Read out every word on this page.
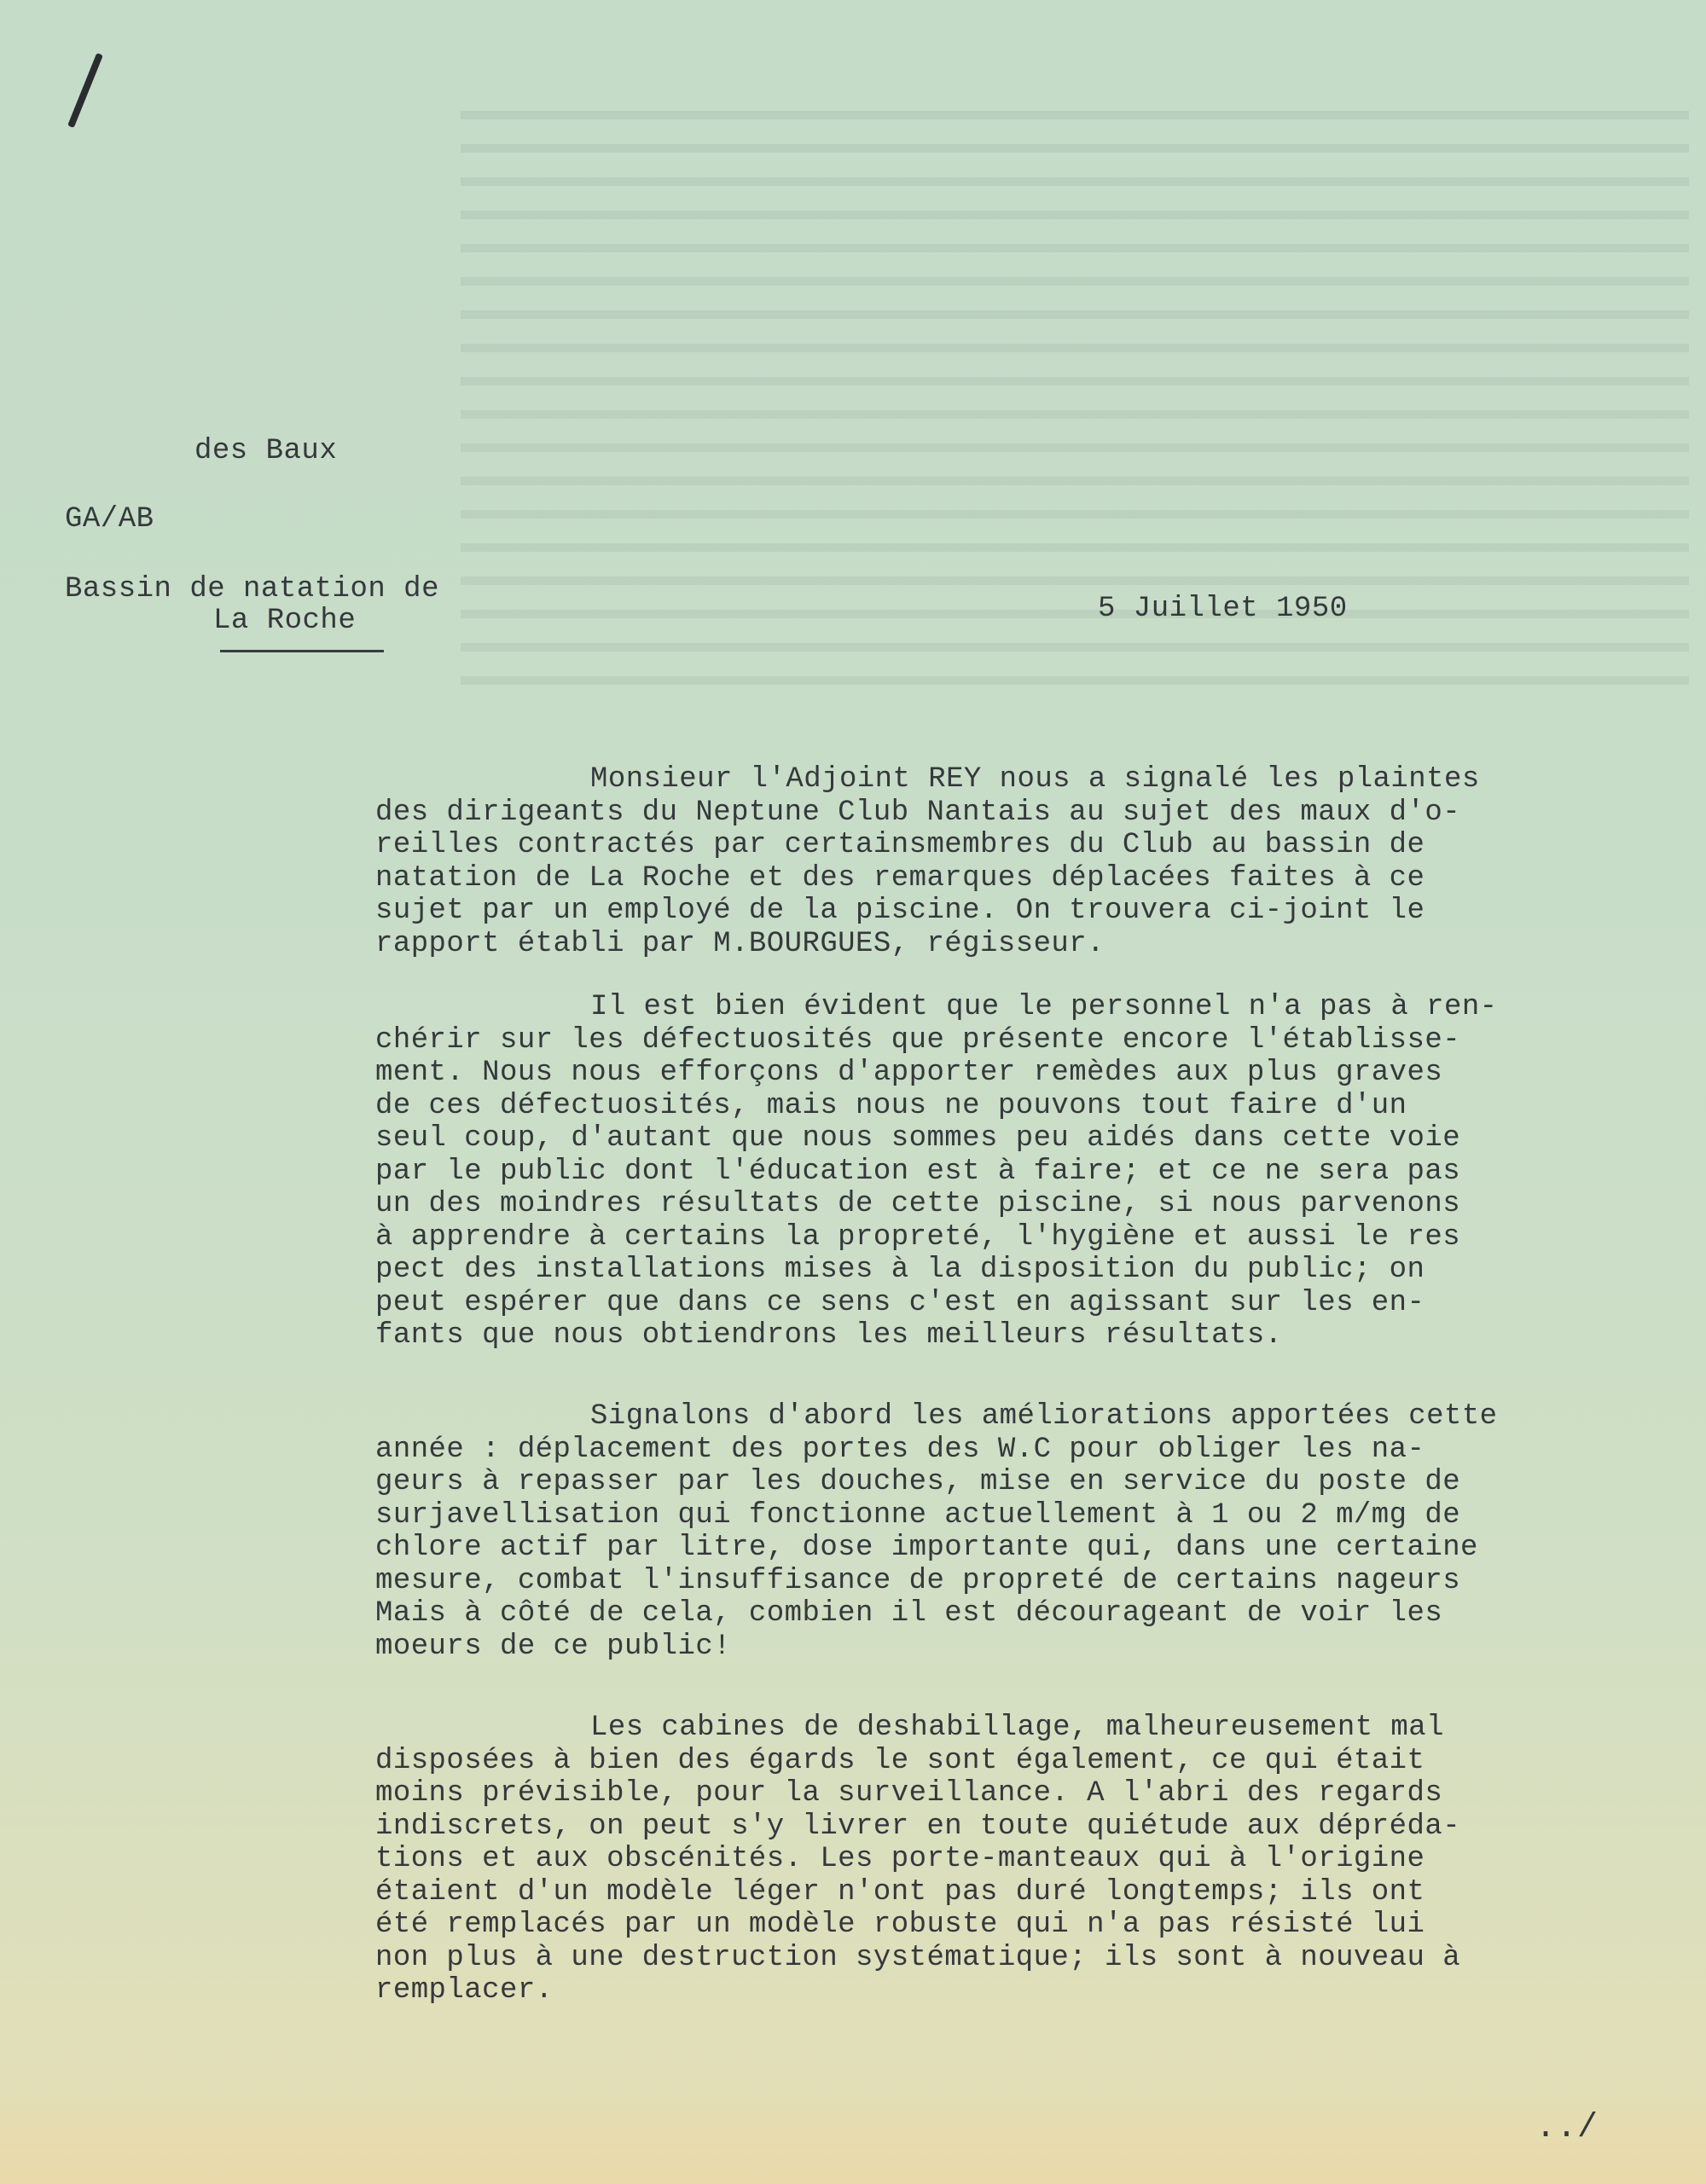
des Baux
GA/AB
Bassin de natation de
La Roche	5 Juillet 1950
Monsieur l'Adjoint REY nous a signalé les plaintes
des dirigeants du Neptune Club Nantais au sujet des maux d'o-
reilles contractés par certainsmembres du Club au bassin de
natation de La Roche et des remarques déplacées faites à ce
sujet par un employé de la piscine. On trouvera ci-joint le
rapport établi par M.BOURGUES, régisseur.
Il est bien évident que le personnel n'a pas à ren-
chérir sur les défectuosités que présente encore l'établisse-
ment. Nous nous efforçons d'apporter remèdes aux plus graves
de ces défectuosités, mais nous ne pouvons tout faire d'un
seul coup, d'autant que nous sommes peu aidés dans cette voie
par le public dont l'éducation est à faire; et ce ne sera pas
un des moindres résultats de cette piscine, si nous parvenons
à apprendre à certains la propreté, l'hygiène et aussi le res
pect des installations mises à la disposition du public; on
peut espérer que dans ce sens c'est en agissant sur les en-
fants que nous obtiendrons les meilleurs résultats.
Signalons d'abord les améliorations apportées cette
année : déplacement des portes des W.C pour obliger les na-
geurs à repasser par les douches, mise en service du poste de
surjavellisation qui fonctionne actuellement à 1 ou 2 m/mg de
chlore actif par litre, dose importante qui, dans une certaine
mesure, combat l'insuffisance de propreté de certains nageurs
Mais à côté de cela, combien il est décourageant de voir les
moeurs de ce public!
Les cabines de deshabillage, malheureusement mal
disposées à bien des égards le sont également, ce qui était
moins prévisible, pour la surveillance. A l'abri des regards
indiscrets, on peut s'y livrer en toute quiétude aux dépréda-
tions et aux obscénités. Les porte-manteaux qui à l'origine
étaient d'un modèle léger n'ont pas duré longtemps; ils ont
été remplacés par un modèle robuste qui n'a pas résisté lui
non plus à une destruction systématique; ils sont à nouveau à
remplacer.
../
